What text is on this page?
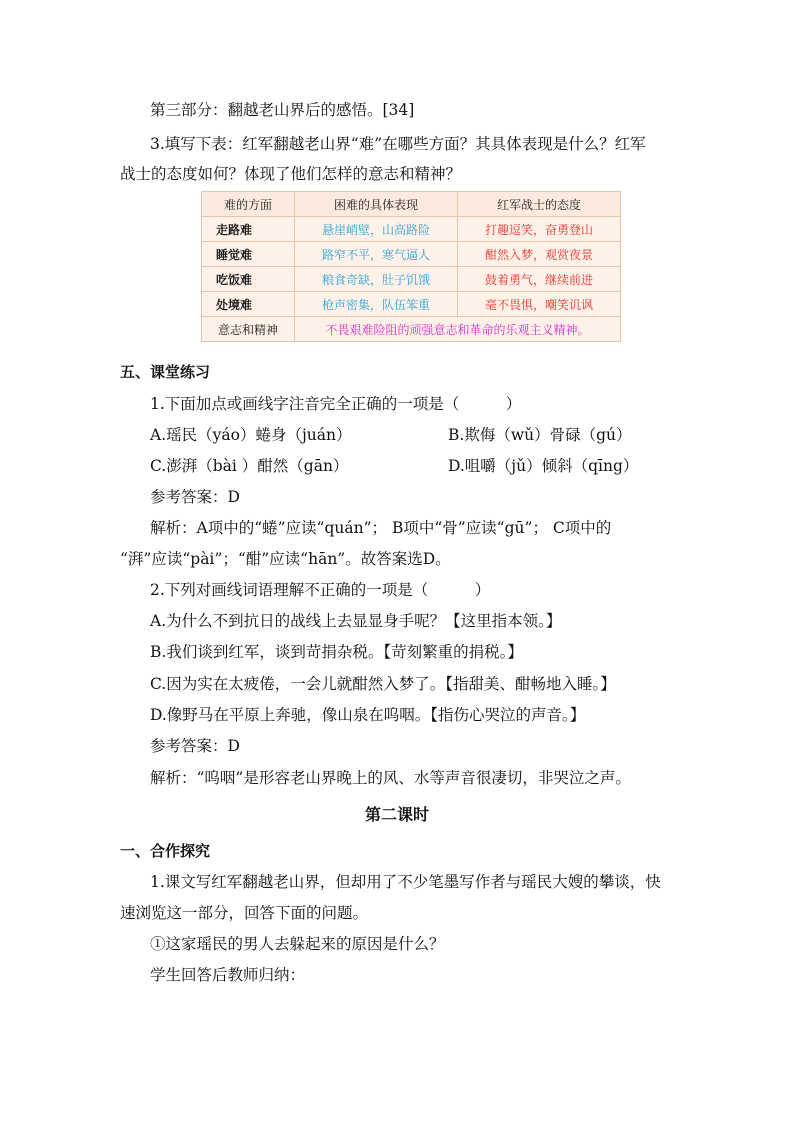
第三部分：翻越老山界后的感悟。[34]
3.填写下表：红军翻越老山界“难”在哪些方面？其具体表现是什么？红军
战士的态度如何？体现了他们怎样的意志和精神？
难的方面	困难的具体表现	红军战士的态度
走路难	悬崖峭壁，山高路险	打趣逗笑，奋勇登山
睡觉难	路窄不平，寒气逼人	酣然入梦，观赏夜景
吃饭难	粮食奇缺，肚子饥饿	鼓着勇气，继续前进
处境难	枪声密集，队伍笨重	毫不畏惧，嘲笑讥讽
意志和精神	不畏艰难险阻的顽强意志和革命的乐观主义精神。	
五、课堂练习
1.下面加点或画线字注音完全正确的一项是（　　　）
A.瑶民（yáo）蜷身（juán）	B.欺侮（wǔ）骨碌（gú）
C.澎湃（bài ）酣然（gān）	D.咀嚼（jǔ）倾斜（qīng）
参考答案：D
解析：A项中的“蜷”应读“quán”； B项中“骨”应读“gū”； C项中的
“湃”应读“pài”；“酣”应读“hān”。故答案选D。
2.下列对画线词语理解不正确的一项是（　　　）
A.为什么不到抗日的战线上去显显身手呢？【这里指本领。】
B.我们谈到红军，谈到苛捐杂税。【苛刻繁重的捐税。】
C.因为实在太疲倦，一会儿就酣然入梦了。【指甜美、酣畅地入睡。】
D.像野马在平原上奔驰，像山泉在呜咽。【指伤心哭泣的声音。】
参考答案：D
解析：“呜咽”是形容老山界晚上的风、水等声音很凄切，非哭泣之声。
第二课时
一、合作探究
1.课文写红军翻越老山界，但却用了不少笔墨写作者与瑶民大嫂的攀谈，快
速浏览这一部分，回答下面的问题。
①这家瑶民的男人去躲起来的原因是什么？
学生回答后教师归纳：
